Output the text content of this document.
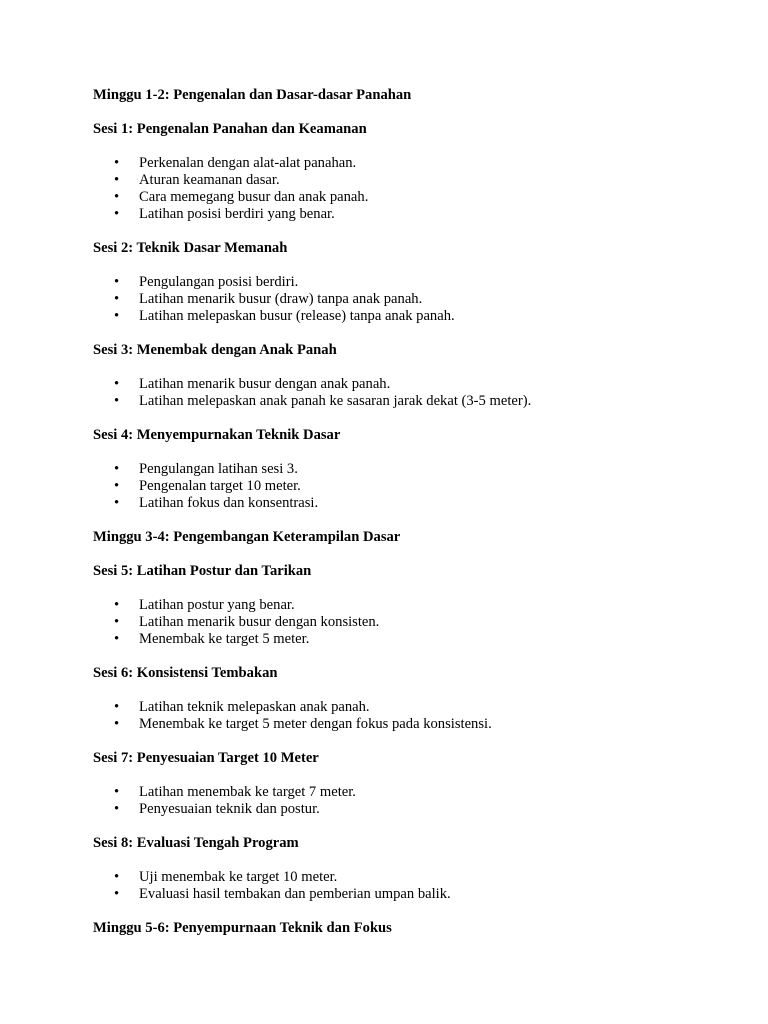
Minggu 1-2: Pengenalan dan Dasar-dasar Panahan

Sesi 1: Pengenalan Panahan dan Keamanan

• Perkenalan dengan alat-alat panahan.
• Aturan keamanan dasar.
• Cara memegang busur dan anak panah.
• Latihan posisi berdiri yang benar.

Sesi 2: Teknik Dasar Memanah

• Pengulangan posisi berdiri.
• Latihan menarik busur (draw) tanpa anak panah.
• Latihan melepaskan busur (release) tanpa anak panah.

Sesi 3: Menembak dengan Anak Panah

• Latihan menarik busur dengan anak panah.
• Latihan melepaskan anak panah ke sasaran jarak dekat (3-5 meter).

Sesi 4: Menyempurnakan Teknik Dasar

• Pengulangan latihan sesi 3.
• Pengenalan target 10 meter.
• Latihan fokus dan konsentrasi.

Minggu 3-4: Pengembangan Keterampilan Dasar

Sesi 5: Latihan Postur dan Tarikan

• Latihan postur yang benar.
• Latihan menarik busur dengan konsisten.
• Menembak ke target 5 meter.

Sesi 6: Konsistensi Tembakan

• Latihan teknik melepaskan anak panah.
• Menembak ke target 5 meter dengan fokus pada konsistensi.

Sesi 7: Penyesuaian Target 10 Meter

• Latihan menembak ke target 7 meter.
• Penyesuaian teknik dan postur.

Sesi 8: Evaluasi Tengah Program

• Uji menembak ke target 10 meter.
• Evaluasi hasil tembakan dan pemberian umpan balik.

Minggu 5-6: Penyempurnaan Teknik dan Fokus
